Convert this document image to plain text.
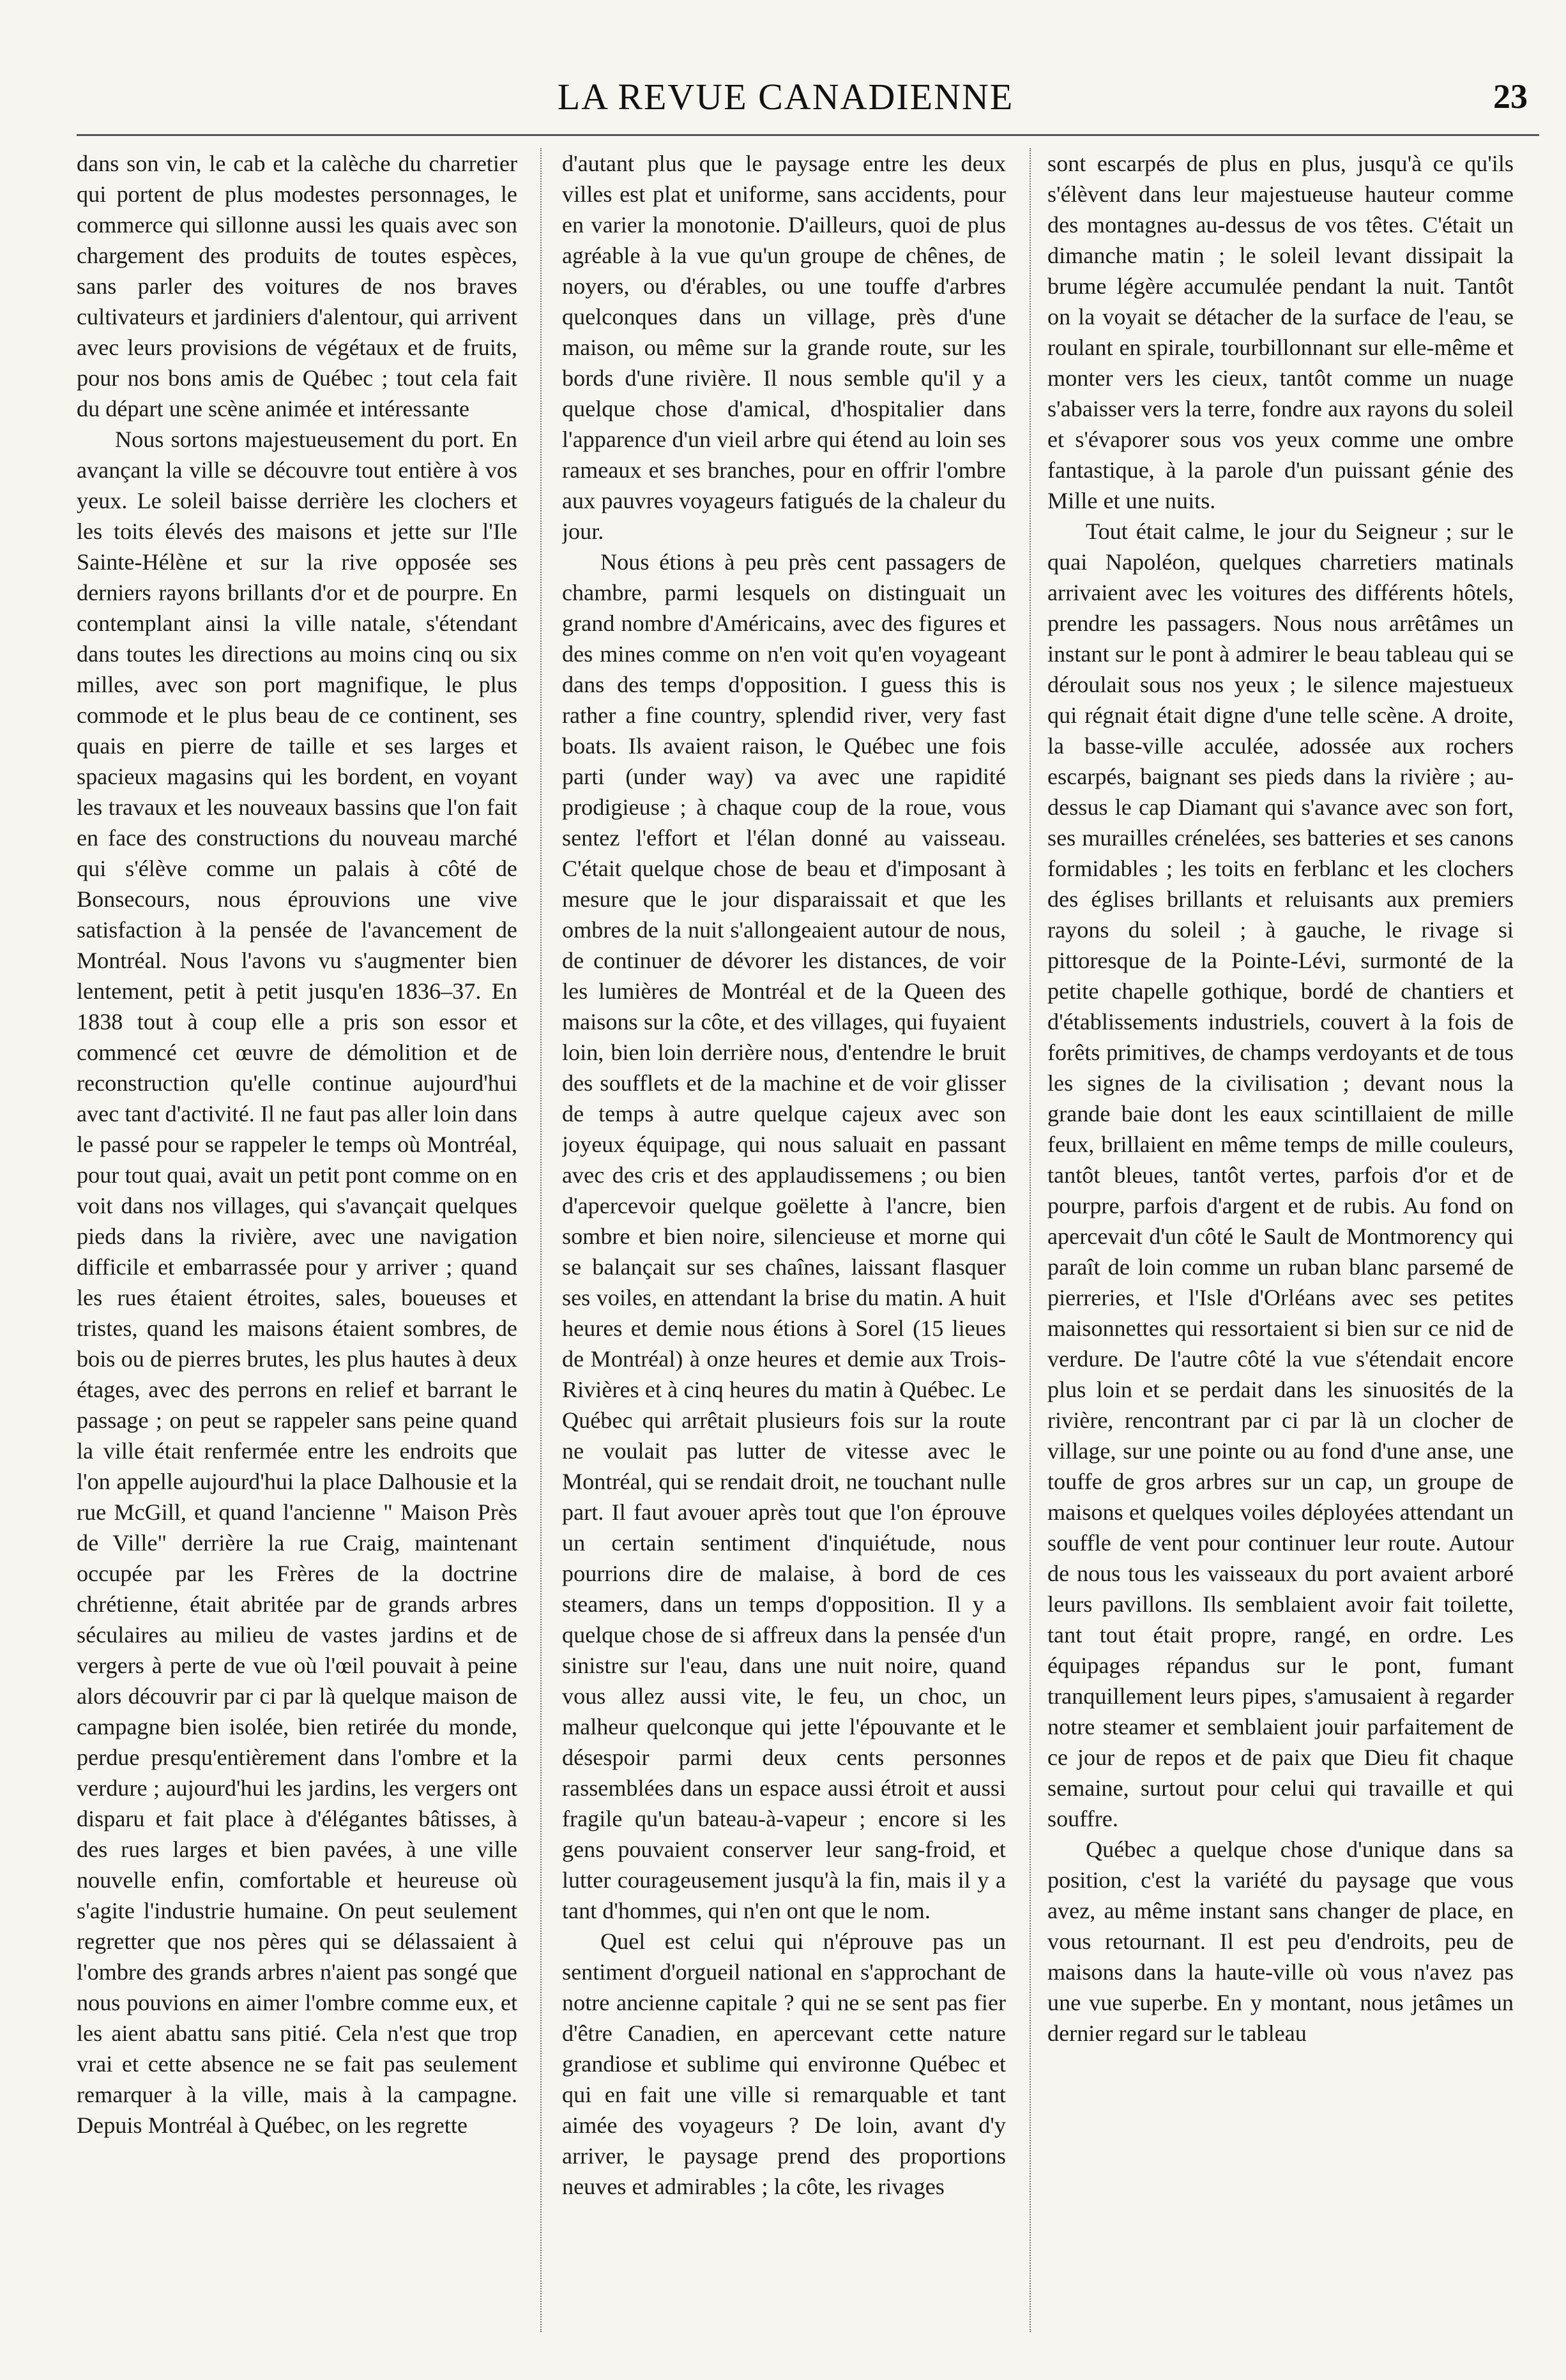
LA REVUE CANADIENNE	23

dans son vin, le cab et la calèche du charretier qui portent de plus modestes personnages, le commerce qui sillonne aussi les quais avec son chargement des produits de toutes espèces, sans parler des voitures de nos braves cultivateurs et jardiniers d'alentour, qui arrivent avec leurs provisions de végétaux et de fruits, pour nos bons amis de Québec ; tout cela fait du départ une scène animée et intéressante

Nous sortons majestueusement du port. En avançant la ville se découvre tout entière à vos yeux. Le soleil baisse derrière les clochers et les toits élevés des maisons et jette sur l'Ile Sainte-Hélène et sur la rive opposée ses derniers rayons brillants d'or et de pourpre. En contemplant ainsi la ville natale, s'étendant dans toutes les directions au moins cinq ou six milles, avec son port magnifique, le plus commode et le plus beau de ce continent, ses quais en pierre de taille et ses larges et spacieux magasins qui les bordent, en voyant les travaux et les nouveaux bassins que l'on fait en face des constructions du nouveau marché qui s'élève comme un palais à côté de Bonsecours, nous éprouvions une vive satisfaction à la pensée de l'avancement de Montréal. Nous l'avons vu s'augmenter bien lentement, petit à petit jusqu'en 1836–37. En 1838 tout à coup elle a pris son essor et commencé cet œuvre de démolition et de reconstruction qu'elle continue aujourd'hui avec tant d'activité. Il ne faut pas aller loin dans le passé pour se rappeler le temps où Montréal, pour tout quai, avait un petit pont comme on en voit dans nos villages, qui s'avançait quelques pieds dans la rivière, avec une navigation difficile et embarrassée pour y arriver ; quand les rues étaient étroites, sales, boueuses et tristes, quand les maisons étaient sombres, de bois ou de pierres brutes, les plus hautes à deux étages, avec des perrons en relief et barrant le passage ; on peut se rappeler sans peine quand la ville était renfermée entre les endroits que l'on appelle aujourd'hui la place Dalhousie et la rue McGill, et quand l'ancienne " Maison Près de Ville" derrière la rue Craig, maintenant occupée par les Frères de la doctrine chrétienne, était abritée par de grands arbres séculaires au milieu de vastes jardins et de vergers à perte de vue où l'œil pouvait à peine alors découvrir par ci par là quelque maison de campagne bien isolée, bien retirée du monde, perdue presqu'entièrement dans l'ombre et la verdure ; aujourd'hui les jardins, les vergers ont disparu et fait place à d'élégantes bâtisses, à des rues larges et bien pavées, à une ville nouvelle enfin, comfortable et heureuse où s'agite l'industrie humaine. On peut seulement regretter que nos pères qui se délassaient à l'ombre des grands arbres n'aient pas songé que nous pouvions en aimer l'ombre comme eux, et les aient abattu sans pitié. Cela n'est que trop vrai et cette absence ne se fait pas seulement remarquer à la ville, mais à la campagne. Depuis Montréal à Québec, on les regrette

d'autant plus que le paysage entre les deux villes est plat et uniforme, sans accidents, pour en varier la monotonie. D'ailleurs, quoi de plus agréable à la vue qu'un groupe de chênes, de noyers, ou d'érables, ou une touffe d'arbres quelconques dans un village, près d'une maison, ou même sur la grande route, sur les bords d'une rivière. Il nous semble qu'il y a quelque chose d'amical, d'hospitalier dans l'apparence d'un vieil arbre qui étend au loin ses rameaux et ses branches, pour en offrir l'ombre aux pauvres voyageurs fatigués de la chaleur du jour.

Nous étions à peu près cent passagers de chambre, parmi lesquels on distinguait un grand nombre d'Américains, avec des figures et des mines comme on n'en voit qu'en voyageant dans des temps d'opposition. I guess this is rather a fine country, splendid river, very fast boats. Ils avaient raison, le Québec une fois parti (under way) va avec une rapidité prodigieuse ; à chaque coup de la roue, vous sentez l'effort et l'élan donné au vaisseau. C'était quelque chose de beau et d'imposant à mesure que le jour disparaissait et que les ombres de la nuit s'allongeaient autour de nous, de continuer de dévorer les distances, de voir les lumières de Montréal et de la Queen des maisons sur la côte, et des villages, qui fuyaient loin, bien loin derrière nous, d'entendre le bruit des soufflets et de la machine et de voir glisser de temps à autre quelque cajeux avec son joyeux équipage, qui nous saluait en passant avec des cris et des applaudissemens ; ou bien d'apercevoir quelque goëlette à l'ancre, bien sombre et bien noire, silencieuse et morne qui se balançait sur ses chaînes, laissant flasquer ses voiles, en attendant la brise du matin. A huit heures et demie nous étions à Sorel (15 lieues de Montréal) à onze heures et demie aux Trois-Rivières et à cinq heures du matin à Québec. Le Québec qui arrêtait plusieurs fois sur la route ne voulait pas lutter de vitesse avec le Montréal, qui se rendait droit, ne touchant nulle part. Il faut avouer après tout que l'on éprouve un certain sentiment d'inquiétude, nous pourrions dire de malaise, à bord de ces steamers, dans un temps d'opposition. Il y a quelque chose de si affreux dans la pensée d'un sinistre sur l'eau, dans une nuit noire, quand vous allez aussi vite, le feu, un choc, un malheur quelconque qui jette l'épouvante et le désespoir parmi deux cents personnes rassemblées dans un espace aussi étroit et aussi fragile qu'un bateau-à-vapeur ; encore si les gens pouvaient conserver leur sang-froid, et lutter courageusement jusqu'à la fin, mais il y a tant d'hommes, qui n'en ont que le nom.

Quel est celui qui n'éprouve pas un sentiment d'orgueil national en s'approchant de notre ancienne capitale ? qui ne se sent pas fier d'être Canadien, en apercevant cette nature grandiose et sublime qui environne Québec et qui en fait une ville si remarquable et tant aimée des voyageurs ? De loin, avant d'y arriver, le paysage prend des proportions neuves et admirables ; la côte, les rivages

sont escarpés de plus en plus, jusqu'à ce qu'ils s'élèvent dans leur majestueuse hauteur comme des montagnes au-dessus de vos têtes. C'était un dimanche matin ; le soleil levant dissipait la brume légère accumulée pendant la nuit. Tantôt on la voyait se détacher de la surface de l'eau, se roulant en spirale, tourbillonnant sur elle-même et monter vers les cieux, tantôt comme un nuage s'abaisser vers la terre, fondre aux rayons du soleil et s'évaporer sous vos yeux comme une ombre fantastique, à la parole d'un puissant génie des Mille et une nuits.

Tout était calme, le jour du Seigneur ; sur le quai Napoléon, quelques charretiers matinals arrivaient avec les voitures des différents hôtels, prendre les passagers. Nous nous arrêtâmes un instant sur le pont à admirer le beau tableau qui se déroulait sous nos yeux ; le silence majestueux qui régnait était digne d'une telle scène. A droite, la basse-ville acculée, adossée aux rochers escarpés, baignant ses pieds dans la rivière ; au-dessus le cap Diamant qui s'avance avec son fort, ses murailles crénelées, ses batteries et ses canons formidables ; les toits en ferblanc et les clochers des églises brillants et reluisants aux premiers rayons du soleil ; à gauche, le rivage si pittoresque de la Pointe-Lévi, surmonté de la petite chapelle gothique, bordé de chantiers et d'établissements industriels, couvert à la fois de forêts primitives, de champs verdoyants et de tous les signes de la civilisation ; devant nous la grande baie dont les eaux scintillaient de mille feux, brillaient en même temps de mille couleurs, tantôt bleues, tantôt vertes, parfois d'or et de pourpre, parfois d'argent et de rubis. Au fond on apercevait d'un côté le Sault de Montmorency qui paraît de loin comme un ruban blanc parsemé de pierreries, et l'Isle d'Orléans avec ses petites maisonnettes qui ressortaient si bien sur ce nid de verdure. De l'autre côté la vue s'étendait encore plus loin et se perdait dans les sinuosités de la rivière, rencontrant par ci par là un clocher de village, sur une pointe ou au fond d'une anse, une touffe de gros arbres sur un cap, un groupe de maisons et quelques voiles déployées attendant un souffle de vent pour continuer leur route. Autour de nous tous les vaisseaux du port avaient arboré leurs pavillons. Ils semblaient avoir fait toilette, tant tout était propre, rangé, en ordre. Les équipages répandus sur le pont, fumant tranquillement leurs pipes, s'amusaient à regarder notre steamer et semblaient jouir parfaitement de ce jour de repos et de paix que Dieu fit chaque semaine, surtout pour celui qui travaille et qui souffre.

Québec a quelque chose d'unique dans sa position, c'est la variété du paysage que vous avez, au même instant sans changer de place, en vous retournant. Il est peu d'endroits, peu de maisons dans la haute-ville où vous n'avez pas une vue superbe. En y montant, nous jetâmes un dernier regard sur le tableau
